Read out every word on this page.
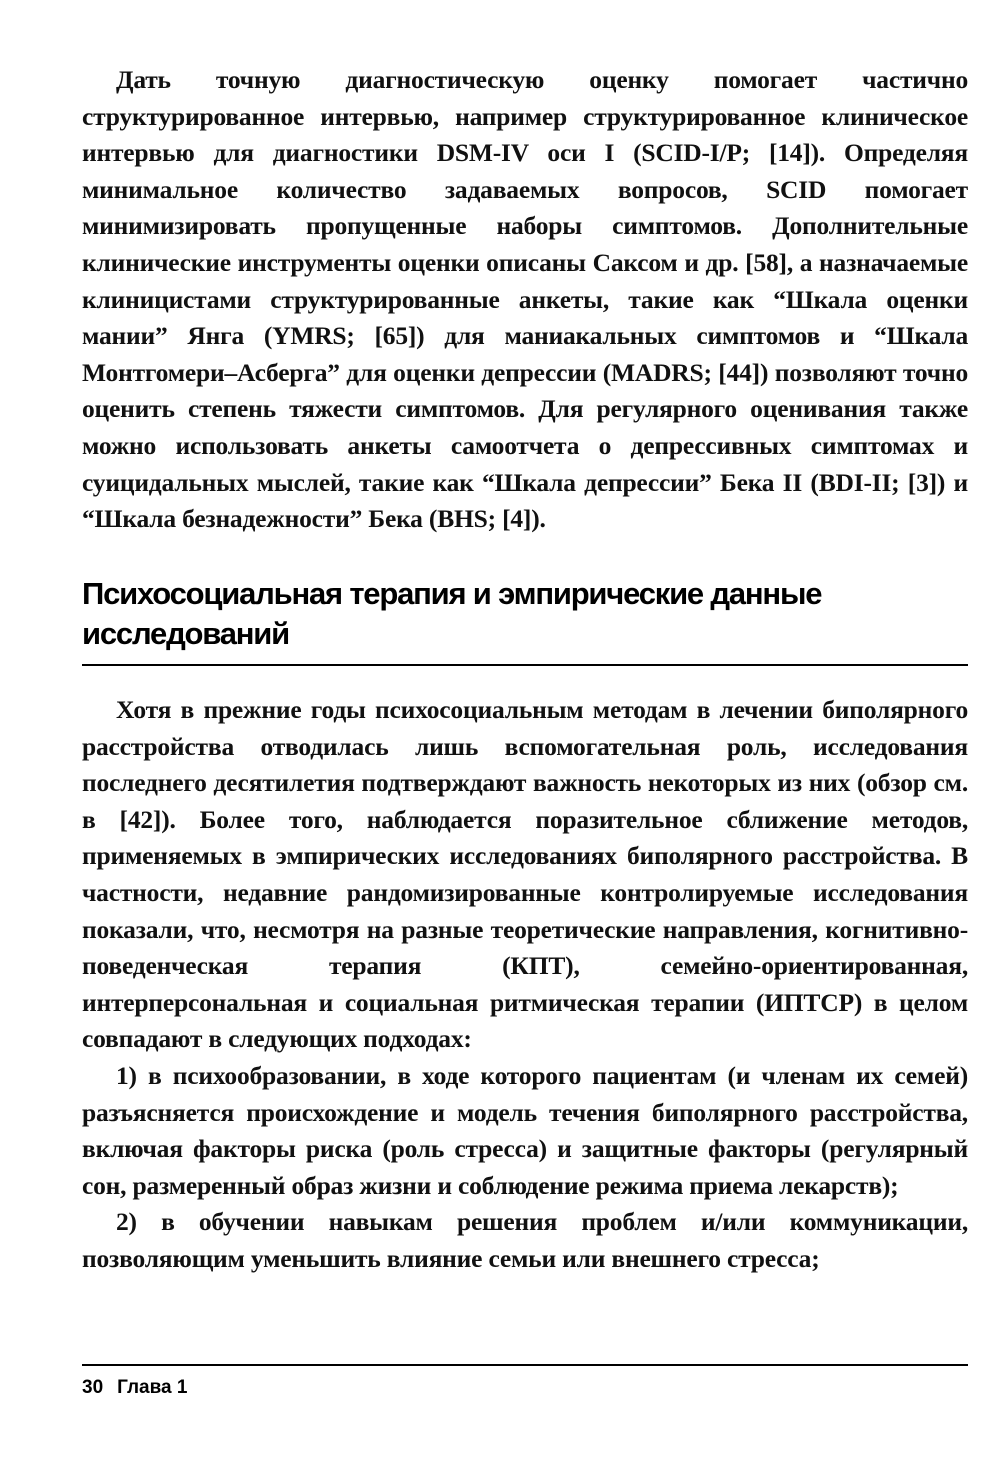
Дать точную диагностическую оценку помогает частично структурированное интервью, например структурированное клиническое интервью для диагностики DSM-IV оси I (SCID-I/P; [14]). Определяя минимальное количество задаваемых вопросов, SCID помогает минимизировать пропущенные наборы симптомов. Дополнительные клинические инструменты оценки описаны Саксом и др. [58], а назначаемые клиницистами структурированные анкеты, такие как “Шкала оценки мании” Янга (YMRS; [65]) для маниакальных симптомов и “Шкала Монтгомери–Асберга” для оценки депрессии (MADRS; [44]) позволяют точно оценить степень тяжести симптомов. Для регулярного оценивания также можно использовать анкеты самоотчета о депрессивных симптомах и суицидальных мыслей, такие как “Шкала депрессии” Бека II (BDI-II; [3]) и “Шкала безнадежности” Бека (BHS; [4]).

Психосоциальная терапия и эмпирические данные исследований

Хотя в прежние годы психосоциальным методам в лечении биполярного расстройства отводилась лишь вспомогательная роль, исследования последнего десятилетия подтверждают важность некоторых из них (обзор см. в [42]). Более того, наблюдается поразительное сближение методов, применяемых в эмпирических исследованиях биполярного расстройства. В частности, недавние рандомизированные контролируемые исследования показали, что, несмотря на разные теоретические направления, когнитивно-поведенческая терапия (КПТ), семейно-ориентированная, интерперсональная и социальная ритмическая терапии (ИПТСР) в целом совпадают в следующих подходах:

1) в психообразовании, в ходе которого пациентам (и членам их семей) разъясняется происхождение и модель течения биполярного расстройства, включая факторы риска (роль стресса) и защитные факторы (регулярный сон, размеренный образ жизни и соблюдение режима приема лекарств);

2) в обучении навыкам решения проблем и/или коммуникации, позволяющим уменьшить влияние семьи или внешнего стресса;

30 Глава 1
